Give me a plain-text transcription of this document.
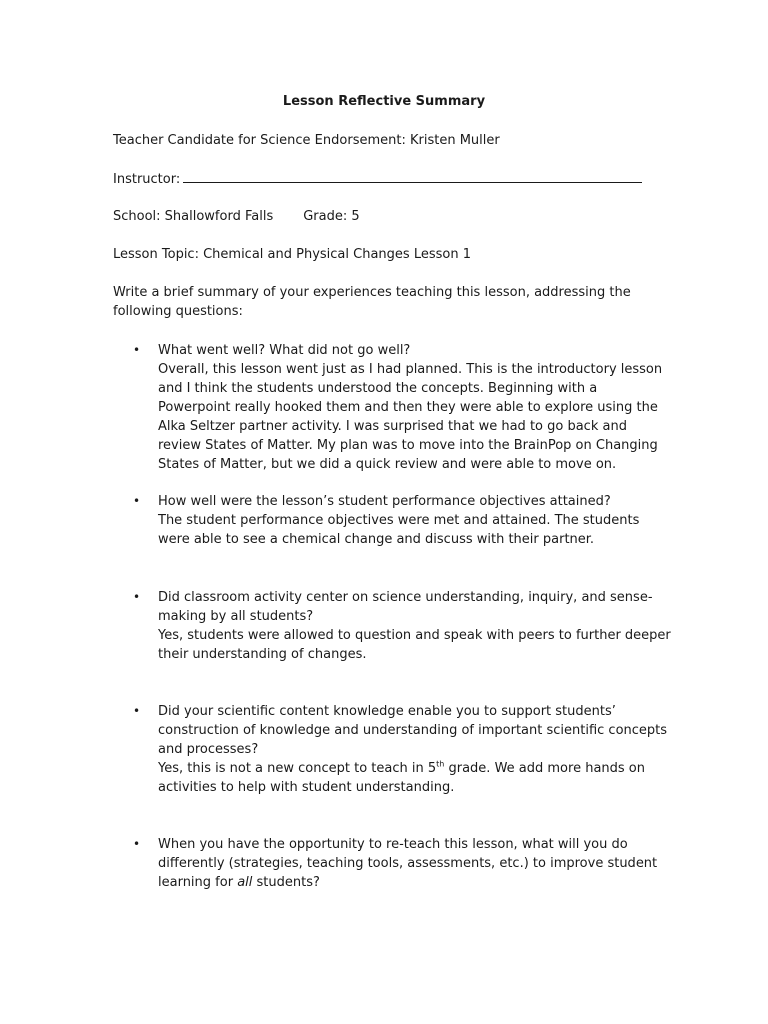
Lesson Reflective Summary
Teacher Candidate for Science Endorsement: Kristen Muller
Instructor:
School: Shallowford Falls Grade: 5
Lesson Topic: Chemical and Physical Changes Lesson 1
Write a brief summary of your experiences teaching this lesson, addressing the following questions:
• What went well? What did not go well?

Overall, this lesson went just as I had planned. This is the introductory lesson and I think the students understood the concepts. Beginning with a Powerpoint really hooked them and then they were able to explore using the Alka Seltzer partner activity. I was surprised that we had to go back and review States of Matter. My plan was to move into the BrainPop on Changing States of Matter, but we did a quick review and were able to move on.

• How well were the lesson’s student performance objectives attained?

The student performance objectives were met and attained. The students were able to see a chemical change and discuss with their partner.

• Did classroom activity center on science understanding, inquiry, and sense-making by all students?

Yes, students were allowed to question and speak with peers to further deeper their understanding of changes.

• Did your scientific content knowledge enable you to support students’ construction of knowledge and understanding of important scientific concepts and processes?

Yes, this is not a new concept to teach in 5th grade. We add more hands on activities to help with student understanding.

• When you have the opportunity to re-teach this lesson, what will you do differently (strategies, teaching tools, assessments, etc.) to improve student learning for all students?
